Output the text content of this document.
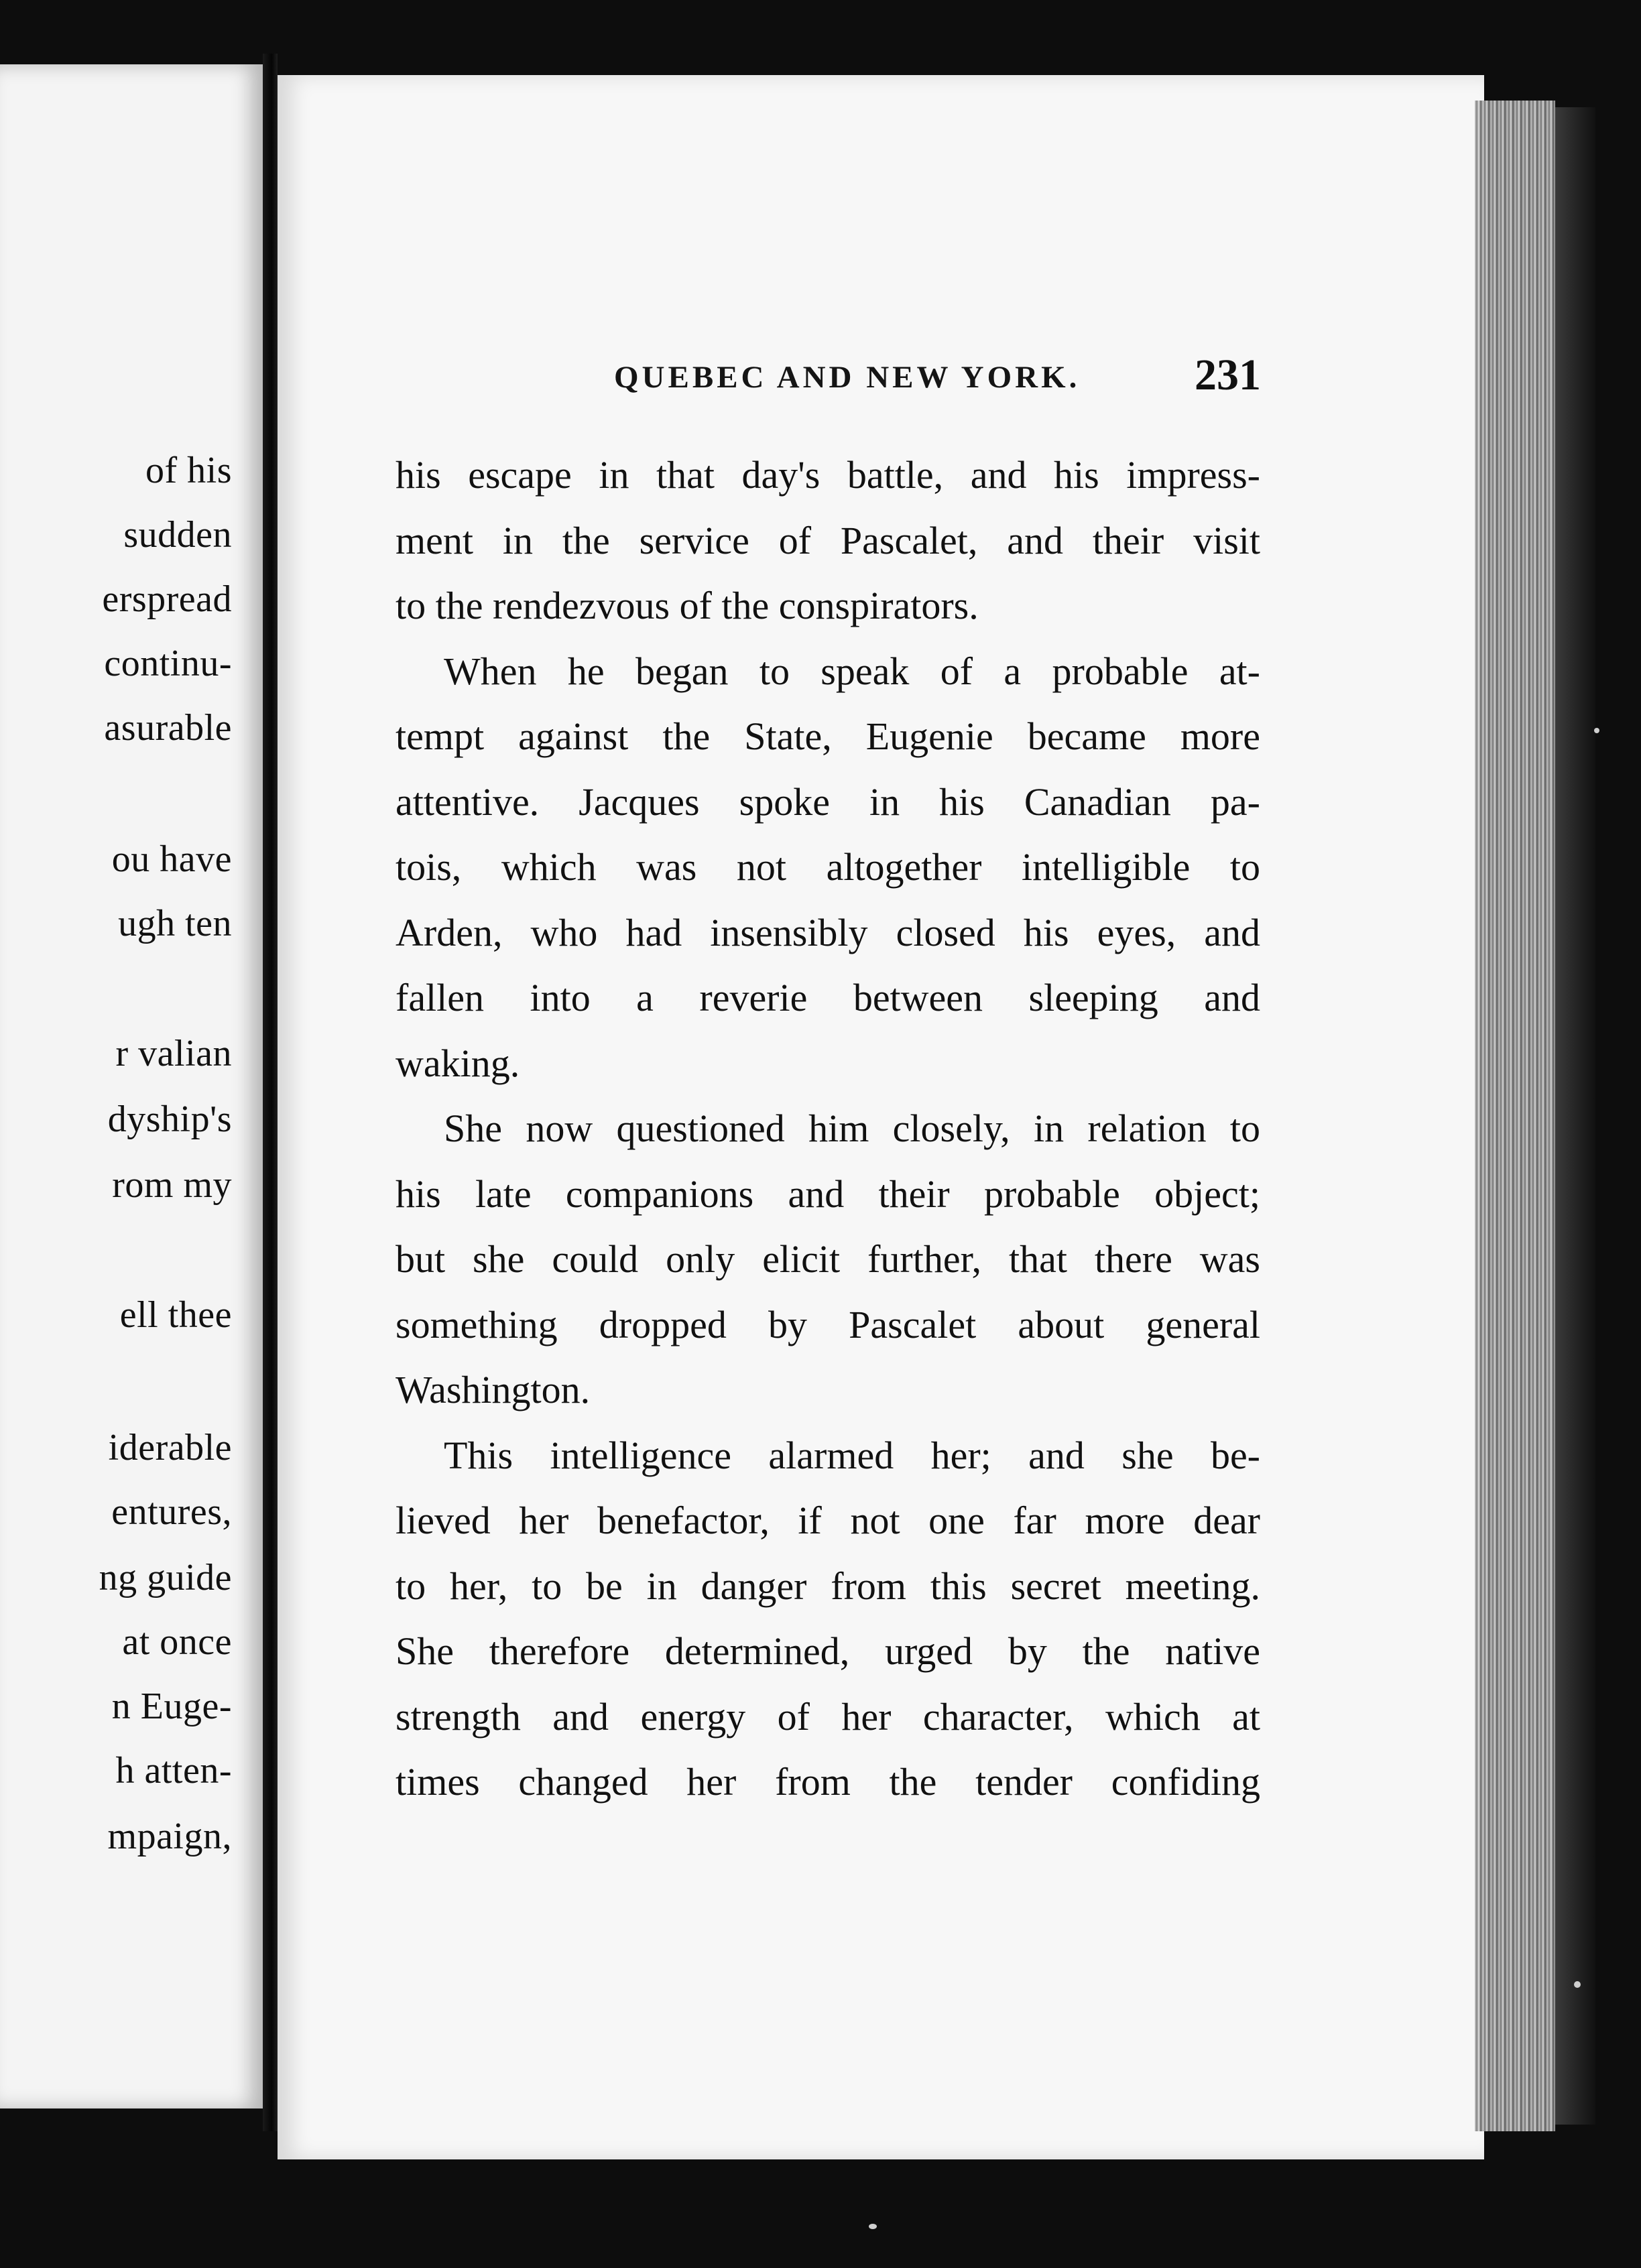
of his
sudden
erspread
continu-
asurable
ou have
ugh ten
r valian
dyship's
rom my
ell thee
iderable
entures,
ng guide
at once
n Euge-
h atten-
mpaign,
QUEBEC AND NEW YORK.	231
his escape in that day's battle, and his impress-
ment in the service of Pascalet, and their visit
to the rendezvous of the conspirators.
When he began to speak of a probable at-
tempt against the State, Eugenie became more
attentive. Jacques spoke in his Canadian pa-
tois, which was not altogether intelligible to
Arden, who had insensibly closed his eyes, and
fallen into a reverie between sleeping and
waking.
She now questioned him closely, in relation to
his late companions and their probable object;
but she could only elicit further, that there was
something dropped by Pascalet about general
Washington.
This intelligence alarmed her; and she be-
lieved her benefactor, if not one far more dear
to her, to be in danger from this secret meeting.
She therefore determined, urged by the native
strength and energy of her character, which at
times changed her from the tender confiding
